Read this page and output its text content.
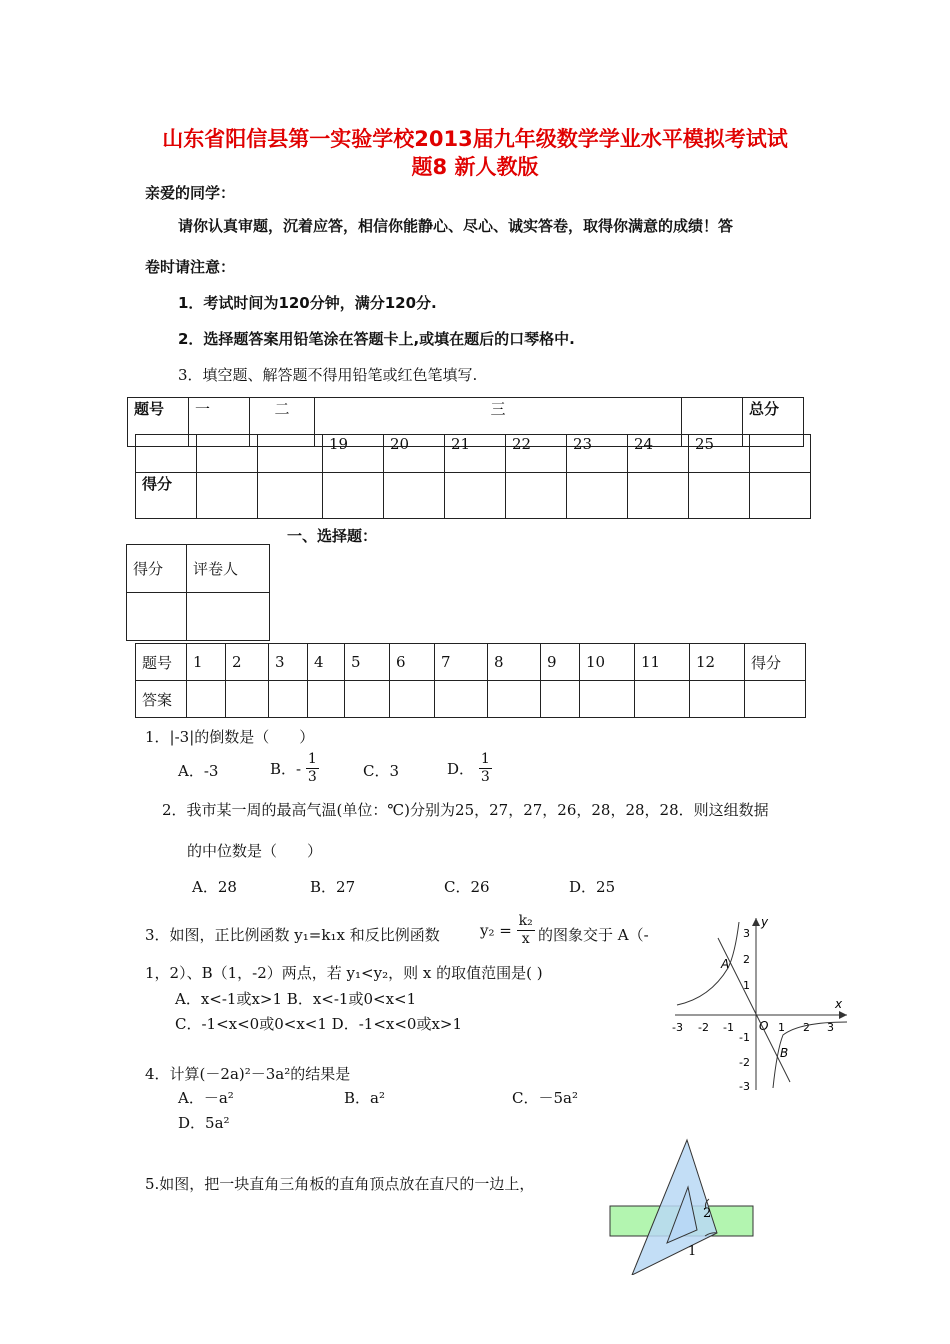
山东省阳信县第一实验学校2013届九年级数学学业水平模拟考试试
题8 新人教版
亲爱的同学：
请你认真审题，沉着应答，相信你能静心、尽心、诚实答卷，取得你满意的成绩！答
卷时请注意：
1．考试时间为120分钟，满分120分.
2．选择题答案用铅笔涂在答题卡上,或填在题后的口琴格中.
3．填空题、解答题不得用铅笔或红色笔填写.
题号	一	二	三		总分
			19	20	21	22	23	24	25	
得分										
一、选择题：
得分	评卷人

题号	1	2	3	4	5	6	7	8	9	10	11	12	得分
答案													
1．|-3|的倒数是（　　）
A．-3	B．- $\frac{1}{3}$	C．3	D． $\frac{1}{3}$
2．我市某一周的最高气温(单位：℃)分别为25，27，27，26，28，28，28．则这组数据
的中位数是（　　）
A．28	B．27	C．26	D．25
3．如图，正比例函数 y₁=k₁x 和反比例函数	$y_2 = \frac{\text{k₂}}{x}$ 的图象交于 A（-
1，2）、B（1，-2）两点，若 y₁<y₂，则 x 的取值范围是( )
A．x<-1或x>1 B．x<-1或0<x<1
C．-1<x<0或0<x<1 D．-1<x<0或x>1
x
y
O
-3 -2 -1	1 2 3
3
2
1
-1
-2
-3
A
B
4．计算(－2a)²－3a²的结果是
A．－a²	B．a²	C．－5a²
D．5a²
5.如图，把一块直角三角板的直角顶点放在直尺的一边上，
2
1
